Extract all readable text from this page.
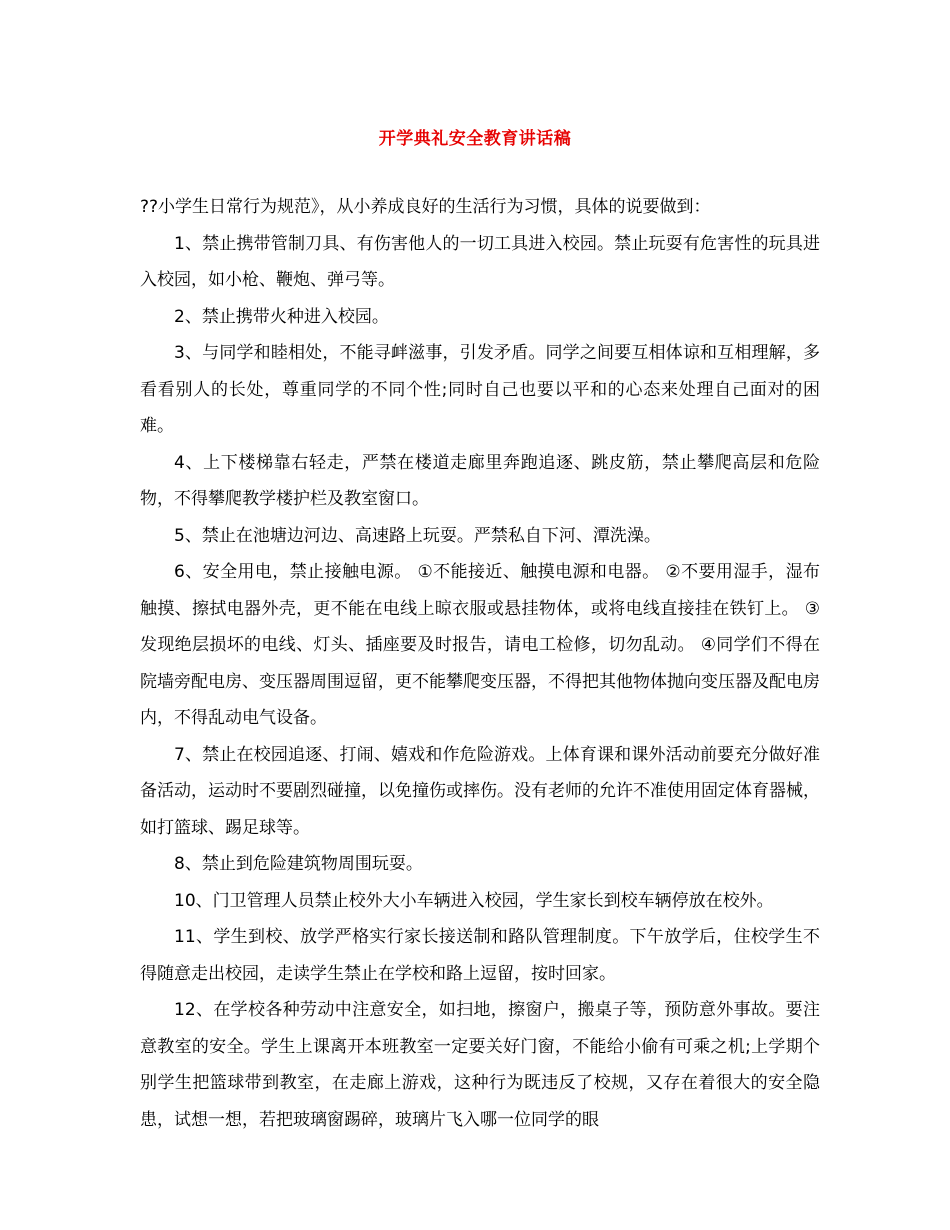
开学典礼安全教育讲话稿

??小学生日常行为规范》，从小养成良好的生活行为习惯，具体的说要做到：

1、禁止携带管制刀具、有伤害他人的一切工具进入校园。禁止玩耍有危害性的玩具进入校园，如小枪、鞭炮、弹弓等。

2、禁止携带火种进入校园。

3、与同学和睦相处，不能寻衅滋事，引发矛盾。同学之间要互相体谅和互相理解，多看看别人的长处，尊重同学的不同个性;同时自己也要以平和的心态来处理自己面对的困难。

4、上下楼梯靠右轻走，严禁在楼道走廊里奔跑追逐、跳皮筋，禁止攀爬高层和危险物，不得攀爬教学楼护栏及教室窗口。

5、禁止在池塘边河边、高速路上玩耍。严禁私自下河、潭洗澡。

6、安全用电，禁止接触电源。 ①不能接近、触摸电源和电器。 ②不要用湿手，湿布触摸、擦拭电器外壳，更不能在电线上晾衣服或悬挂物体，或将电线直接挂在铁钉上。 ③发现绝层损坏的电线、灯头、插座要及时报告，请电工检修，切勿乱动。 ④同学们不得在院墙旁配电房、变压器周围逗留，更不能攀爬变压器，不得把其他物体抛向变压器及配电房内，不得乱动电气设备。

7、禁止在校园追逐、打闹、嬉戏和作危险游戏。上体育课和课外活动前要充分做好准备活动，运动时不要剧烈碰撞，以免撞伤或摔伤。没有老师的允许不准使用固定体育器械，如打篮球、踢足球等。

8、禁止到危险建筑物周围玩耍。

10、门卫管理人员禁止校外大小车辆进入校园，学生家长到校车辆停放在校外。

11、学生到校、放学严格实行家长接送制和路队管理制度。下午放学后，住校学生不得随意走出校园，走读学生禁止在学校和路上逗留，按时回家。

12、在学校各种劳动中注意安全，如扫地，擦窗户，搬桌子等，预防意外事故。要注意教室的安全。学生上课离开本班教室一定要关好门窗，不能给小偷有可乘之机;上学期个别学生把篮球带到教室，在走廊上游戏，这种行为既违反了校规，又存在着很大的安全隐患，试想一想，若把玻璃窗踢碎，玻璃片飞入哪一位同学的眼
